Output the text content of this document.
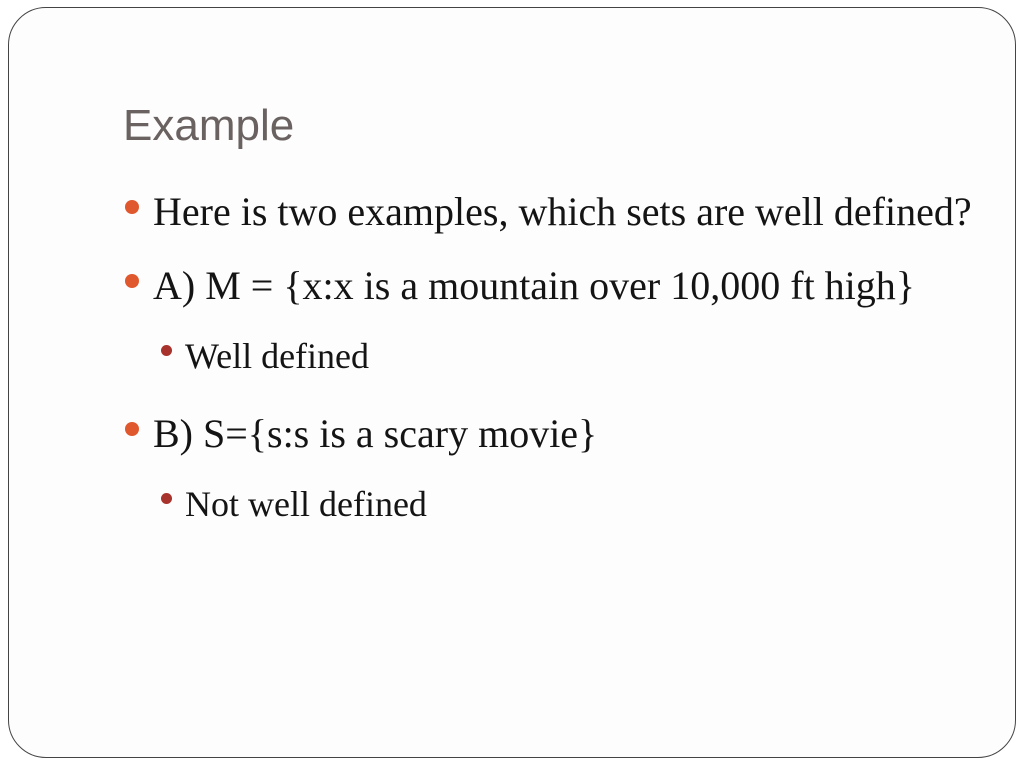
Example

Here is two examples, which sets are well defined?

A) M = {x:x is a mountain over 10,000 ft high}

Well defined

B) S={s:s is a scary movie}

Not well defined
